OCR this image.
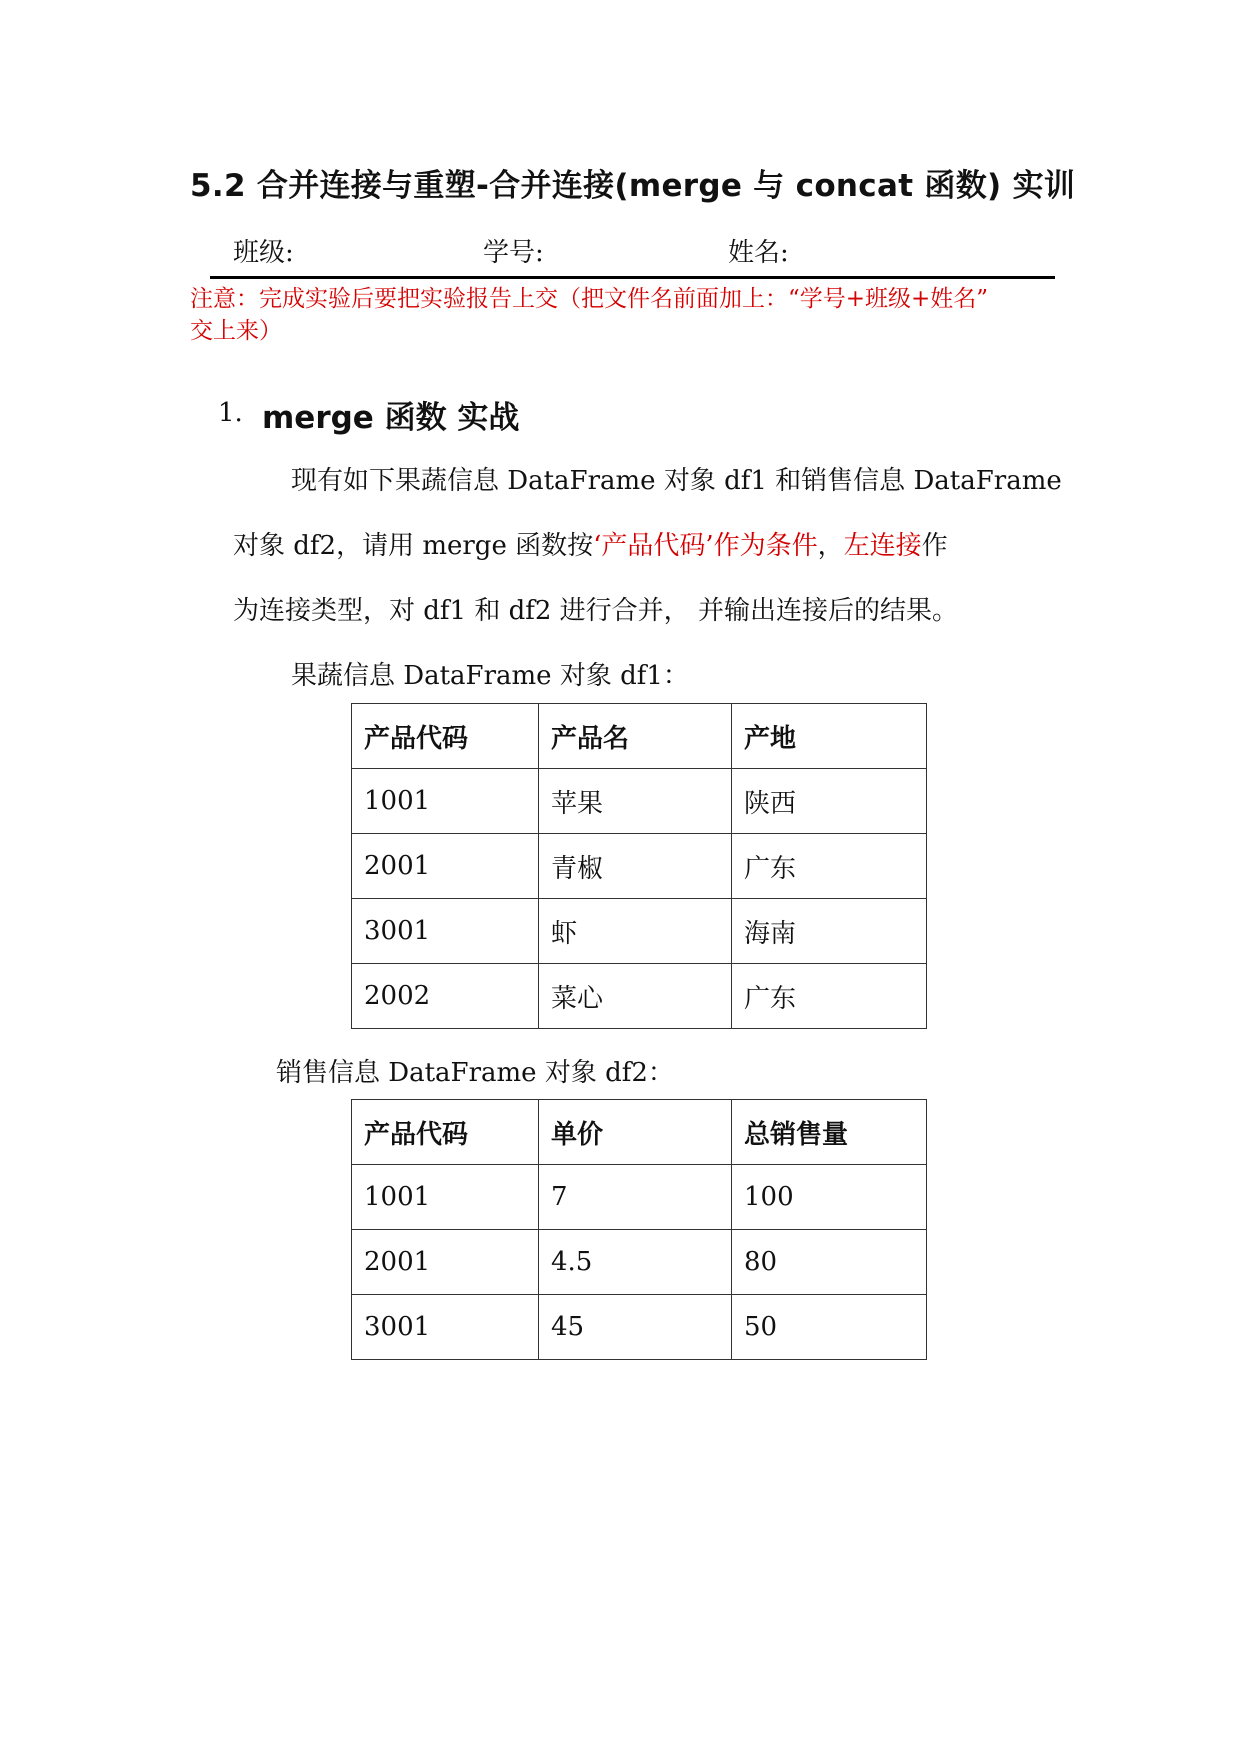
5.2 合并连接与重塑-合并连接(merge 与 concat 函数) 实训
班级:	学号:	姓名:
注意：完成实验后要把实验报告上交（把文件名前面加上：“学号+班级+姓名”
交上来）
1. merge 函数 实战
现有如下果蔬信息 DataFrame 对象 df1 和销售信息 DataFrame
对象 df2，请用 merge 函数按‘产品代码’作为条件，左连接作
为连接类型，对 df1 和 df2 进行合并， 并输出连接后的结果。
果蔬信息 DataFrame 对象 df1：
产品代码	产品名	产地
1001	苹果	陕西
2001	青椒	广东
3001	虾	海南
2002	菜心	广东
销售信息 DataFrame 对象 df2：
产品代码	单价	总销售量
1001	7	100
2001	4.5	80
3001	45	50
